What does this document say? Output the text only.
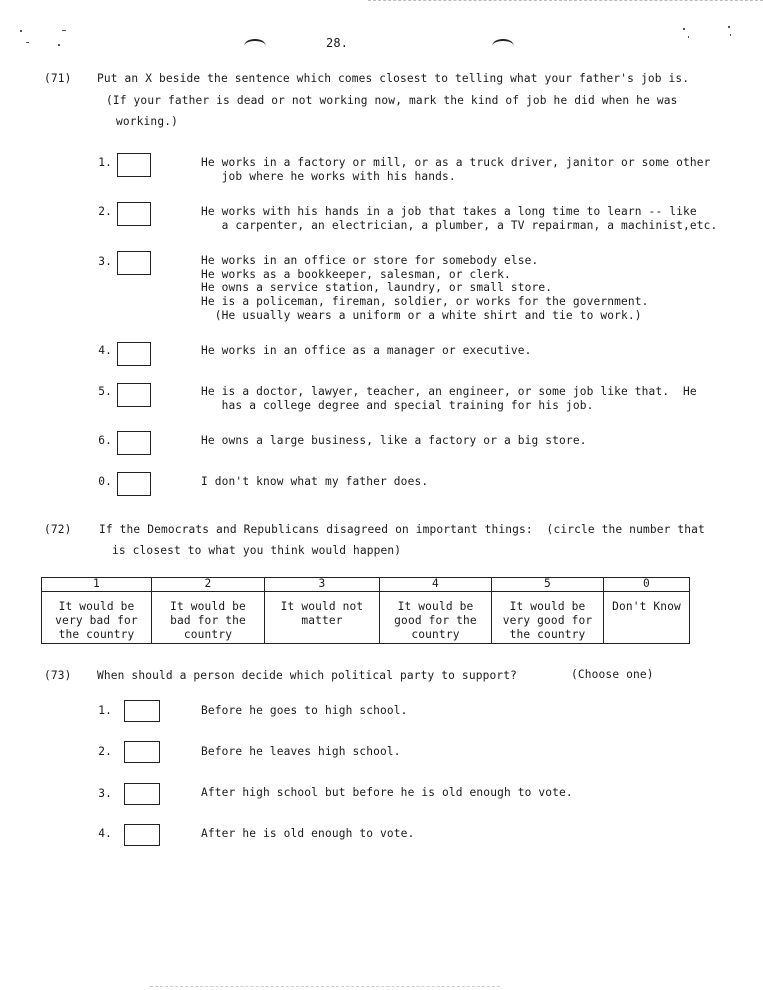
28.
(71) Put an X beside the sentence which comes closest to telling what your father's job is.
(If your father is dead or not working now, mark the kind of job he did when he was
working.)
1.	He works in a factory or mill, or as a truck driver, janitor or some other
job where he works with his hands.
2.	He works with his hands in a job that takes a long time to learn -- like
a carpenter, an electrician, a plumber, a TV repairman, a machinist,etc.
3.	He works in an office or store for somebody else.
He works as a bookkeeper, salesman, or clerk.
He owns a service station, laundry, or small store.
He is a policeman, fireman, soldier, or works for the government.
(He usually wears a uniform or a white shirt and tie to work.)
4.	He works in an office as a manager or executive.
5.	He is a doctor, lawyer, teacher, an engineer, or some job like that.  He
has a college degree and special training for his job.
6.	He owns a large business, like a factory or a big store.
0.	I don't know what my father does.
(72) If the Democrats and Republicans disagreed on important things:  (circle the number that
is closest to what you think would happen)
1	2	3	4	5	0
It would be
very bad for
the country	It would be
bad for the
country	It would not
matter	It would be
good for the
country	It would be
very good for
the country	Don't Know
(73) When should a person decide which political party to support?	(Choose one)
1.	Before he goes to high school.
2.	Before he leaves high school.
3.	After high school but before he is old enough to vote.
4.	After he is old enough to vote.
